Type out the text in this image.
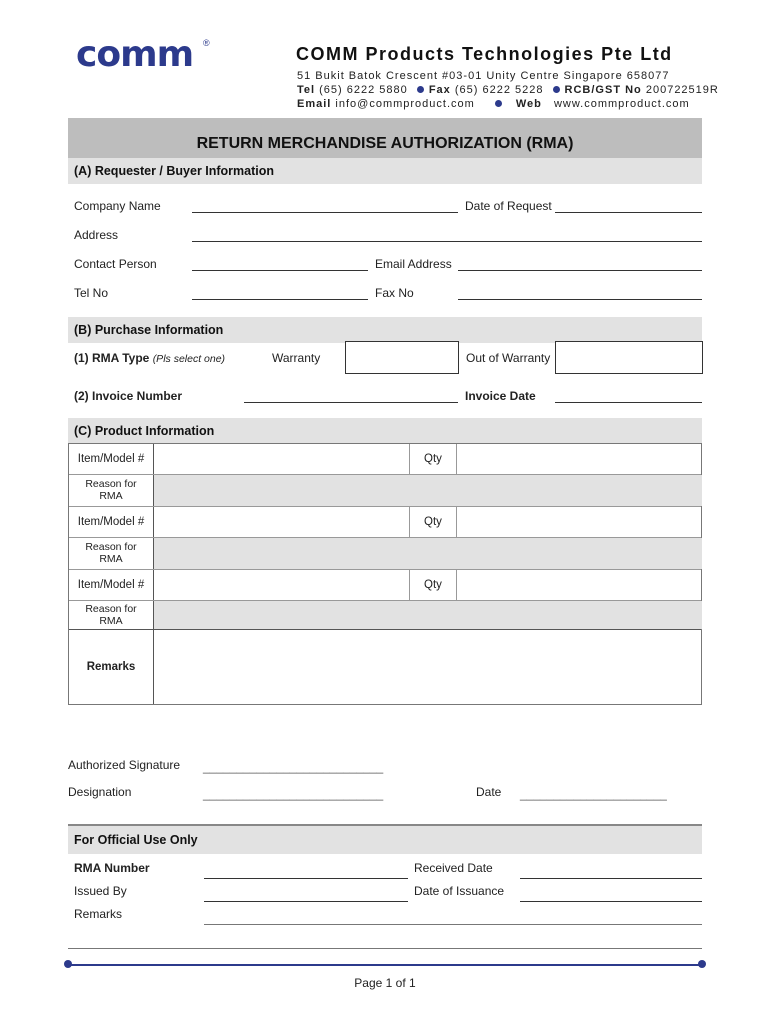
comm ®
COMM Products Technologies Pte Ltd
51 Bukit Batok Crescent #03-01 Unity Centre Singapore 658077
Tel (65) 6222 5880 Fax (65) 6222 5228 RCB/GST No 200722519R
Email info@commproduct.com	Web www.commproduct.com
RETURN MERCHANDISE AUTHORIZATION (RMA)
(A) Requester / Buyer Information
Company Name	Date of Request
Address
Contact Person	Email Address
Tel No	Fax No
(B) Purchase Information
(1) RMA Type (Pls select one)	Warranty	Out of Warranty
(2) Invoice Number	Invoice Date
(C) Product Information
Item/Model #	Qty
Reason for
RMA
Item/Model #	Qty
Reason for
RMA
Item/Model #	Qty
Reason for
RMA
Remarks
Authorized Signature ___________________________
Designation	___________________________	Date ______________________
For Official Use Only
RMA Number	Received Date
Issued By	Date of Issuance
Remarks
Page 1 of 1
